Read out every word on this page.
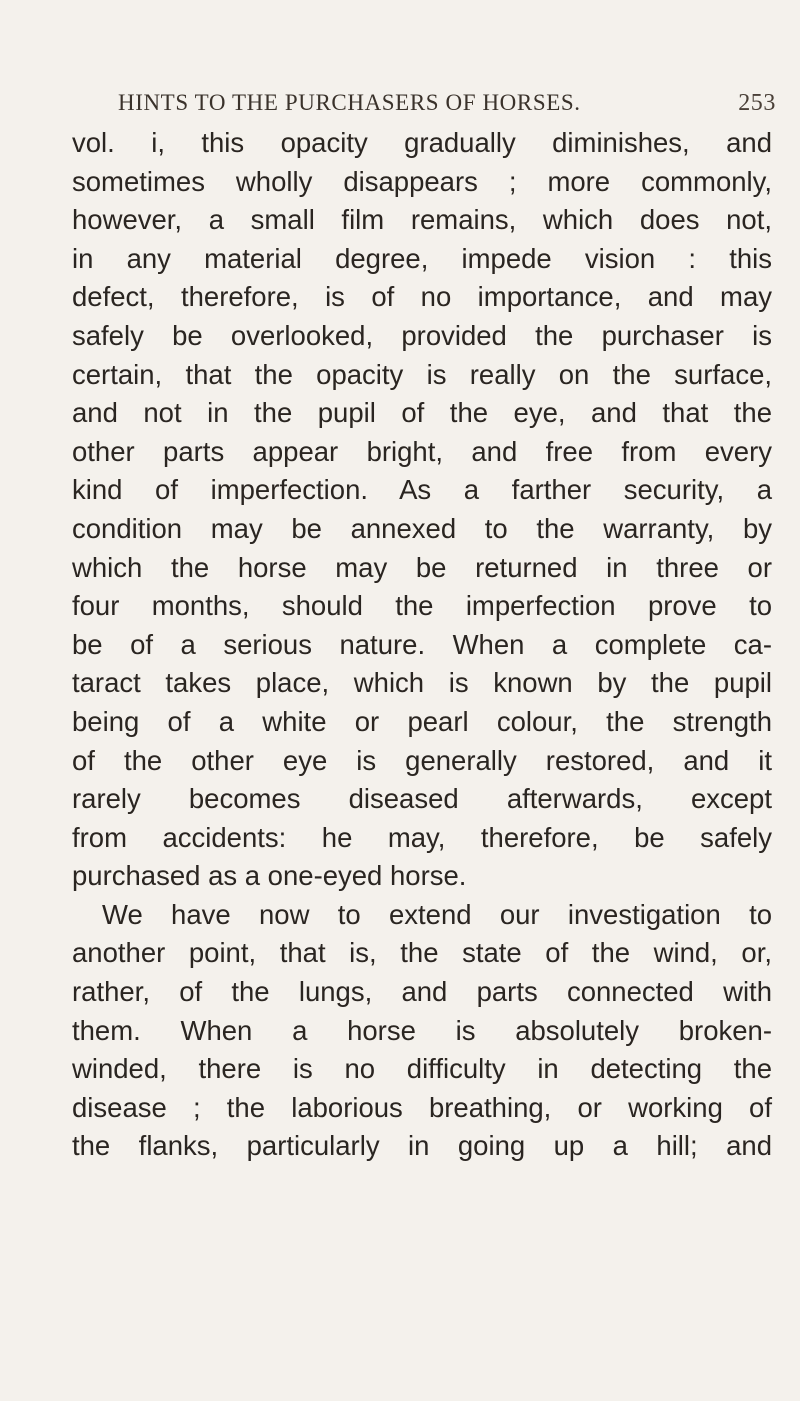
HINTS TO THE PURCHASERS OF HORSES.	253
vol. i, this opacity gradually diminishes, and
sometimes wholly disappears ; more commonly,
however, a small film remains, which does not,
in any material degree, impede vision : this
defect, therefore, is of no importance, and may
safely be overlooked, provided the purchaser is
certain, that the opacity is really on the surface,
and not in the pupil of the eye, and that the
other parts appear bright, and free from every
kind of imperfection. As a farther security, a
condition may be annexed to the warranty, by
which the horse may be returned in three or
four months, should the imperfection prove to
be of a serious nature. When a complete ca-
taract takes place, which is known by the pupil
being of a white or pearl colour, the strength
of the other eye is generally restored, and it
rarely becomes diseased afterwards, except
from accidents: he may, therefore, be safely
purchased as a one-eyed horse.
We have now to extend our investigation to
another point, that is, the state of the wind, or,
rather, of the lungs, and parts connected with
them. When a horse is absolutely broken-
winded, there is no difficulty in detecting the
disease ; the laborious breathing, or working of
the flanks, particularly in going up a hill; and
